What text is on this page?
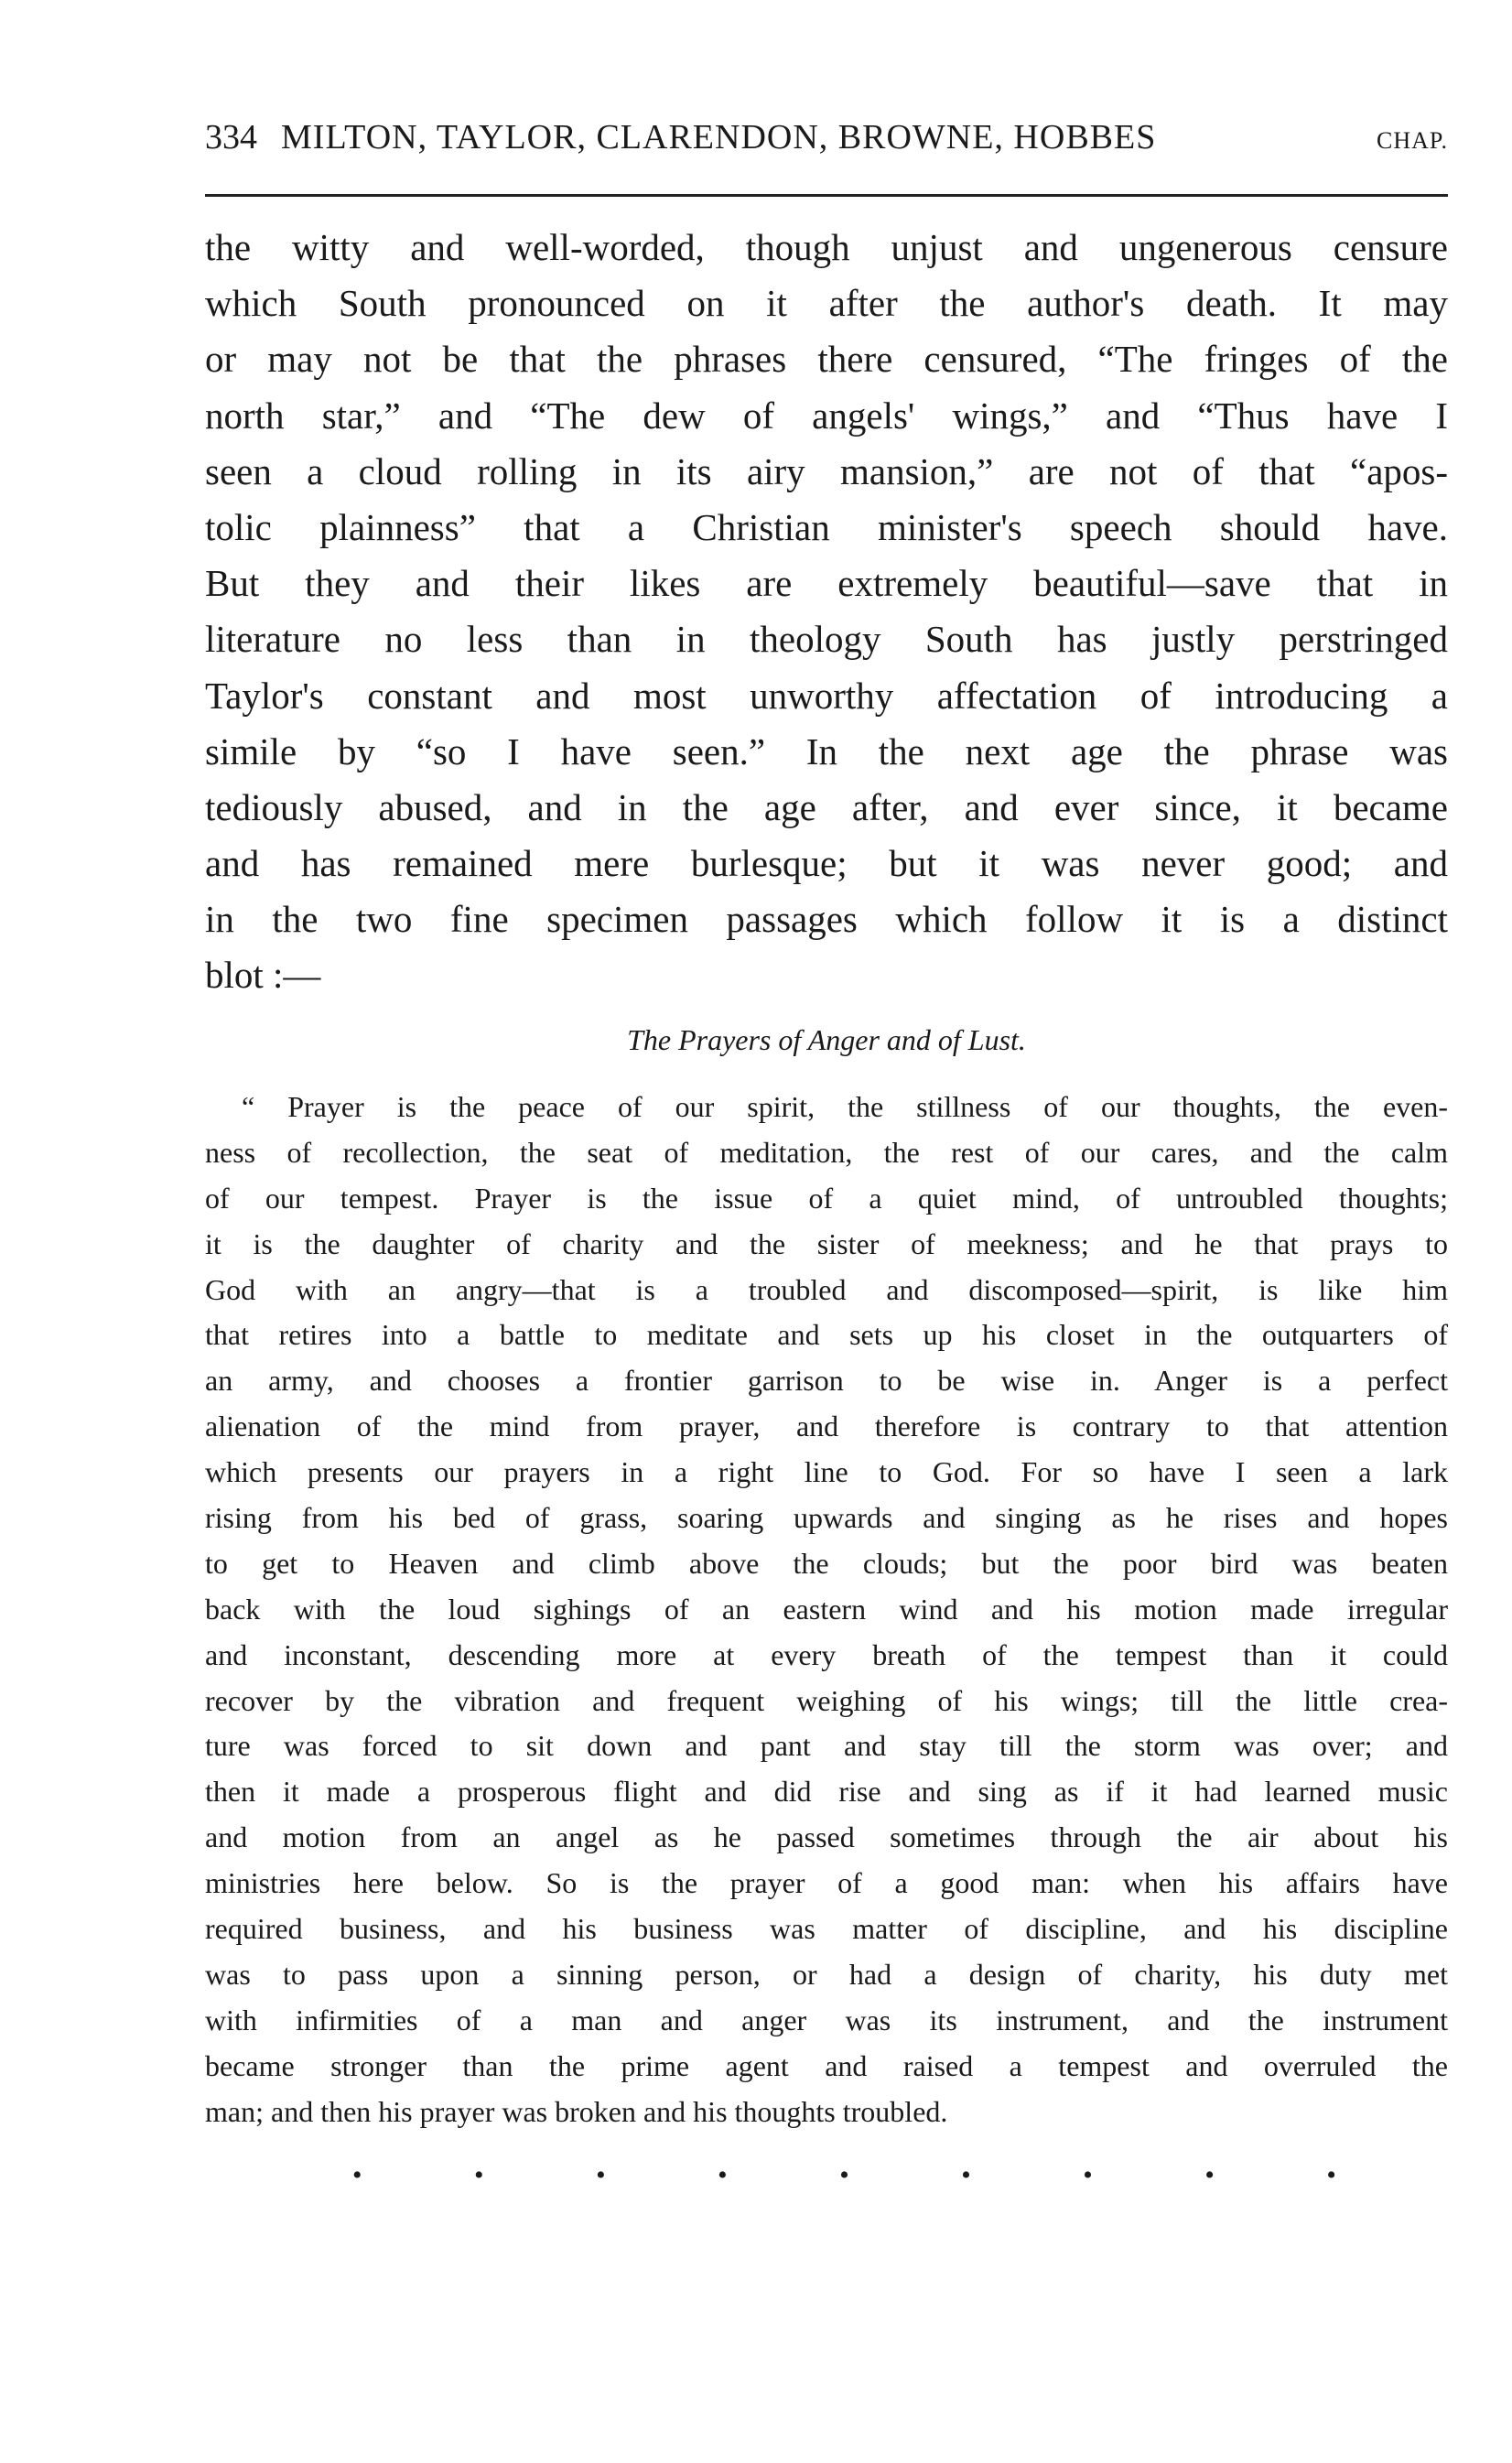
334 MILTON, TAYLOR, CLARENDON, BROWNE, HOBBES	CHAP.
the witty and well-worded, though unjust and ungenerous censure
which South pronounced on it after the author's death. It may
or may not be that the phrases there censured, “The fringes of the
north star,” and “The dew of angels' wings,” and “Thus have I
seen a cloud rolling in its airy mansion,” are not of that “apos-
tolic plainness” that a Christian minister's speech should have.
But they and their likes are extremely beautiful—save that in
literature no less than in theology South has justly perstringed
Taylor's constant and most unworthy affectation of introducing a
simile by “so I have seen.” In the next age the phrase was
tediously abused, and in the age after, and ever since, it became
and has remained mere burlesque; but it was never good; and
in the two fine specimen passages which follow it is a distinct
blot :—
The Prayers of Anger and of Lust.
“ Prayer is the peace of our spirit, the stillness of our thoughts, the even-
ness of recollection, the seat of meditation, the rest of our cares, and the calm
of our tempest. Prayer is the issue of a quiet mind, of untroubled thoughts;
it is the daughter of charity and the sister of meekness; and he that prays to
God with an angry—that is a troubled and discomposed—spirit, is like him
that retires into a battle to meditate and sets up his closet in the outquarters of
an army, and chooses a frontier garrison to be wise in. Anger is a perfect
alienation of the mind from prayer, and therefore is contrary to that attention
which presents our prayers in a right line to God. For so have I seen a lark
rising from his bed of grass, soaring upwards and singing as he rises and hopes
to get to Heaven and climb above the clouds; but the poor bird was beaten
back with the loud sighings of an eastern wind and his motion made irregular
and inconstant, descending more at every breath of the tempest than it could
recover by the vibration and frequent weighing of his wings; till the little crea-
ture was forced to sit down and pant and stay till the storm was over; and
then it made a prosperous flight and did rise and sing as if it had learned music
and motion from an angel as he passed sometimes through the air about his
ministries here below. So is the prayer of a good man: when his affairs have
required business, and his business was matter of discipline, and his discipline
was to pass upon a sinning person, or had a design of charity, his duty met
with infirmities of a man and anger was its instrument, and the instrument
became stronger than the prime agent and raised a tempest and overruled the
man; and then his prayer was broken and his thoughts troubled.
•	•	•	•	•	•	•	•	•
